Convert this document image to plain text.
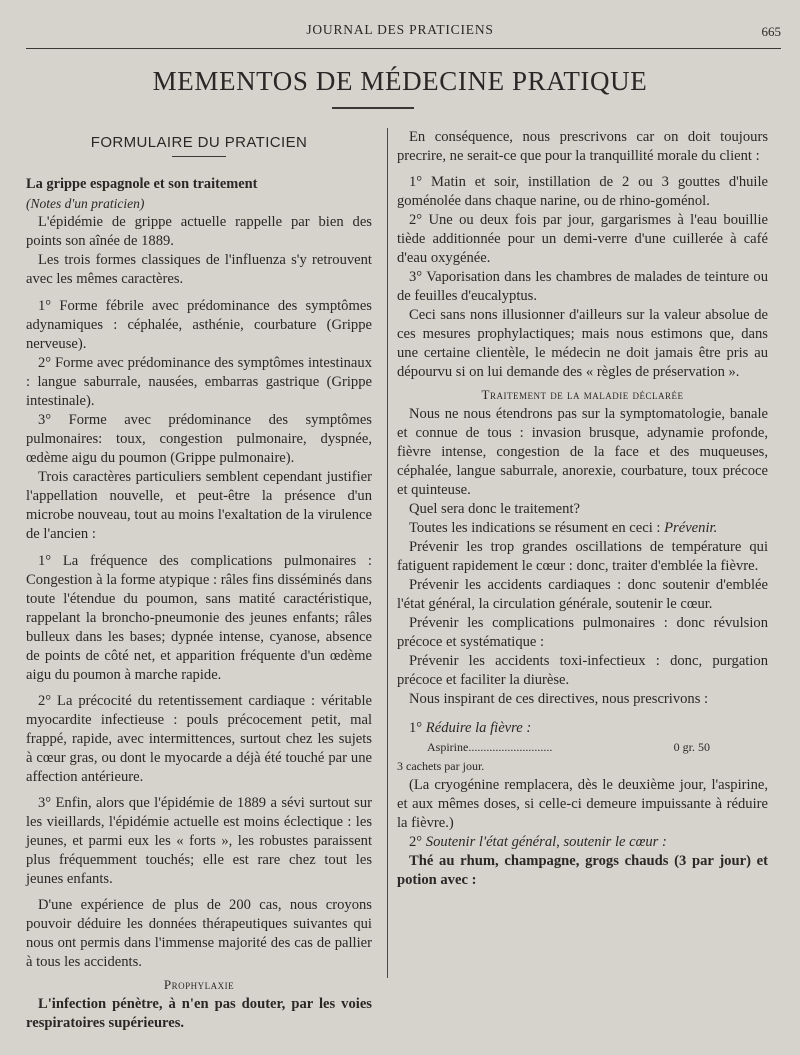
JOURNAL DES PRATICIENS	665
MEMENTOS DE MÉDECINE PRATIQUE
FORMULAIRE DU PRATICIEN

La grippe espagnole et son traitement

(Notes d'un praticien)

L'épidémie de grippe actuelle rappelle par bien des points son aînée de 1889.

Les trois formes classiques de l'influenza s'y retrouvent avec les mêmes caractères.

1° Forme fébrile avec prédominance des symptômes adynamiques : céphalée, asthénie, courbature (Grippe nerveuse).

2° Forme avec prédominance des symptômes intestinaux : langue saburrale, nausées, embarras gastrique (Grippe intestinale).

3° Forme avec prédominance des symptômes pulmonaires: toux, congestion pulmonaire, dyspnée, œdème aigu du poumon (Grippe pulmonaire).

Trois caractères particuliers semblent cependant justifier l'appellation nouvelle, et peut-être la présence d'un microbe nouveau, tout au moins l'exaltation de la virulence de l'ancien :

1° La fréquence des complications pulmonaires : Congestion à la forme atypique : râles fins disséminés dans toute l'étendue du poumon, sans matité caractéristique, rappelant la broncho-pneumonie des jeunes enfants; râles bulleux dans les bases; dypnée intense, cyanose, absence de points de côté net, et apparition fréquente d'un œdème aigu du poumon à marche rapide.

2° La précocité du retentissement cardiaque : véritable myocardite infectieuse : pouls précocement petit, mal frappé, rapide, avec intermittences, surtout chez les sujets à cœur gras, ou dont le myocarde a déjà été touché par une affection antérieure.

3° Enfin, alors que l'épidémie de 1889 a sévi surtout sur les vieillards, l'épidémie actuelle est moins éclectique : les jeunes, et parmi eux les « forts », les robustes paraissent plus fréquemment touchés; elle est rare chez tout les jeunes enfants.

D'une expérience de plus de 200 cas, nous croyons pouvoir déduire les données thérapeutiques suivantes qui nous ont permis dans l'immense majorité des cas de pallier à tous les accidents.

Prophylaxie

L'infection pénètre, à n'en pas douter, par les voies respiratoires supérieures.

En conséquence, nous prescrivons car on doit toujours precrire, ne serait-ce que pour la tranquillité morale du client :

1° Matin et soir, instillation de 2 ou 3 gouttes d'huile goménolée dans chaque narine, ou de rhino-goménol.

2° Une ou deux fois par jour, gargarismes à l'eau bouillie tiède additionnée pour un demi-verre d'une cuillerée à café d'eau oxygénée.

3° Vaporisation dans les chambres de malades de teinture ou de feuilles d'eucalyptus.

Ceci sans nons illusionner d'ailleurs sur la valeur absolue de ces mesures prophylactiques; mais nous estimons que, dans une certaine clientèle, le médecin ne doit jamais être pris au dépourvu si on lui demande des « règles de préservation ».

Traitement de la maladie déclarée

Nous ne nous étendrons pas sur la symptomatologie, banale et connue de tous : invasion brusque, adynamie profonde, fièvre intense, congestion de la face et des muqueuses, céphalée, langue saburrale, anorexie, courbature, toux précoce et quinteuse.

Quel sera donc le traitement?

Toutes les indications se résument en ceci : Prévenir.

Prévenir les trop grandes oscillations de température qui fatiguent rapidement le cœur : donc, traiter d'emblée la fièvre.

Prévenir les accidents cardiaques : donc soutenir d'emblée l'état général, la circulation générale, soutenir le cœur.

Prévenir les complications pulmonaires : donc révulsion précoce et systématique :

Prévenir les accidents toxi-infectieux : donc, purgation précoce et faciliter la diurèse.

Nous inspirant de ces directives, nous prescrivons :

1° Réduire la fièvre :

Aspirine............................	0 gr. 50

3 cachets par jour.

(La cryogénine remplacera, dès le deuxième jour, l'aspirine, et aux mêmes doses, si celle-ci demeure impuissante à réduire la fièvre.)

2° Soutenir l'état général, soutenir le cœur :

Thé au rhum, champagne, grogs chauds (3 par jour) et potion avec :
